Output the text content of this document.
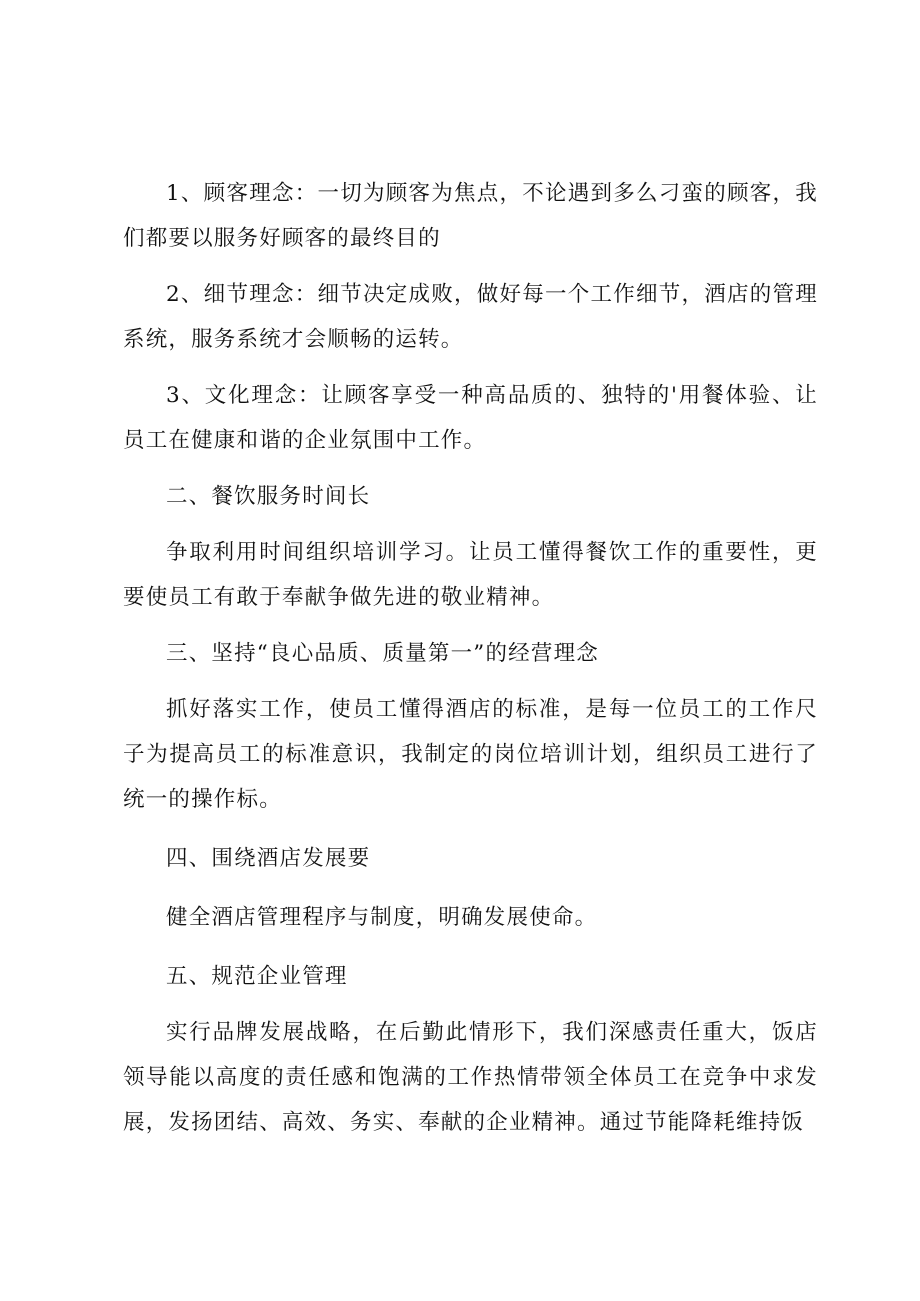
1、顾客理念：一切为顾客为焦点，不论遇到多么刁蛮的顾客，我们都要以服务好顾客的最终目的

2、细节理念：细节决定成败，做好每一个工作细节，酒店的管理系统，服务系统才会顺畅的运转。

3、文化理念：让顾客享受一种高品质的、独特的'用餐体验、让员工在健康和谐的企业氛围中工作。

二、餐饮服务时间长

争取利用时间组织培训学习。让员工懂得餐饮工作的重要性，更要使员工有敢于奉献争做先进的敬业精神。

三、坚持“良心品质、质量第一”的经营理念

抓好落实工作，使员工懂得酒店的标准，是每一位员工的工作尺子为提高员工的标准意识，我制定的岗位培训计划，组织员工进行了统一的操作标。

四、围绕酒店发展要

健全酒店管理程序与制度，明确发展使命。

五、规范企业管理

实行品牌发展战略，在后勤此情形下，我们深感责任重大，饭店领导能以高度的责任感和饱满的工作热情带领全体员工在竞争中求发展，发扬团结、高效、务实、奉献的企业精神。通过节能降耗维持饭
